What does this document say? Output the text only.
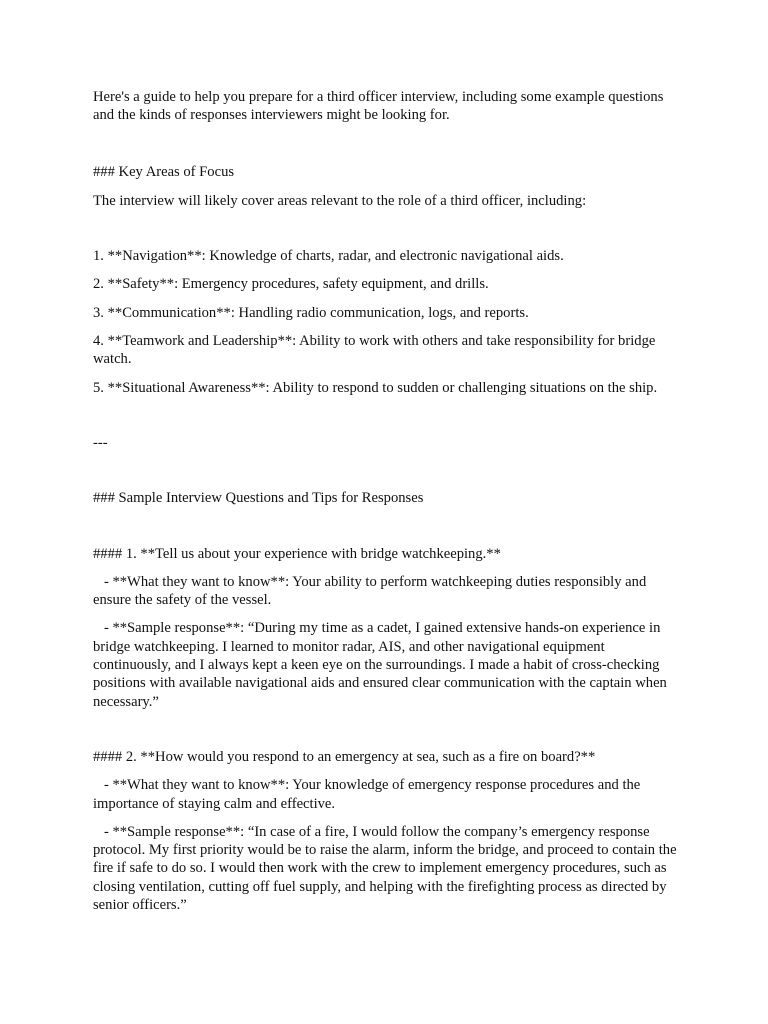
Here's a guide to help you prepare for a third officer interview, including some example questions and the kinds of responses interviewers might be looking for.

### Key Areas of Focus

The interview will likely cover areas relevant to the role of a third officer, including:

1. **Navigation**: Knowledge of charts, radar, and electronic navigational aids.

2. **Safety**: Emergency procedures, safety equipment, and drills.

3. **Communication**: Handling radio communication, logs, and reports.

4. **Teamwork and Leadership**: Ability to work with others and take responsibility for bridge watch.

5. **Situational Awareness**: Ability to respond to sudden or challenging situations on the ship.

---

### Sample Interview Questions and Tips for Responses

#### 1. **Tell us about your experience with bridge watchkeeping.**

- **What they want to know**: Your ability to perform watchkeeping duties responsibly and ensure the safety of the vessel.

- **Sample response**: “During my time as a cadet, I gained extensive hands-on experience in bridge watchkeeping. I learned to monitor radar, AIS, and other navigational equipment continuously, and I always kept a keen eye on the surroundings. I made a habit of cross-checking positions with available navigational aids and ensured clear communication with the captain when necessary.”

#### 2. **How would you respond to an emergency at sea, such as a fire on board?**

- **What they want to know**: Your knowledge of emergency response procedures and the importance of staying calm and effective.

- **Sample response**: “In case of a fire, I would follow the company’s emergency response protocol. My first priority would be to raise the alarm, inform the bridge, and proceed to contain the fire if safe to do so. I would then work with the crew to implement emergency procedures, such as closing ventilation, cutting off fuel supply, and helping with the firefighting process as directed by senior officers.”
